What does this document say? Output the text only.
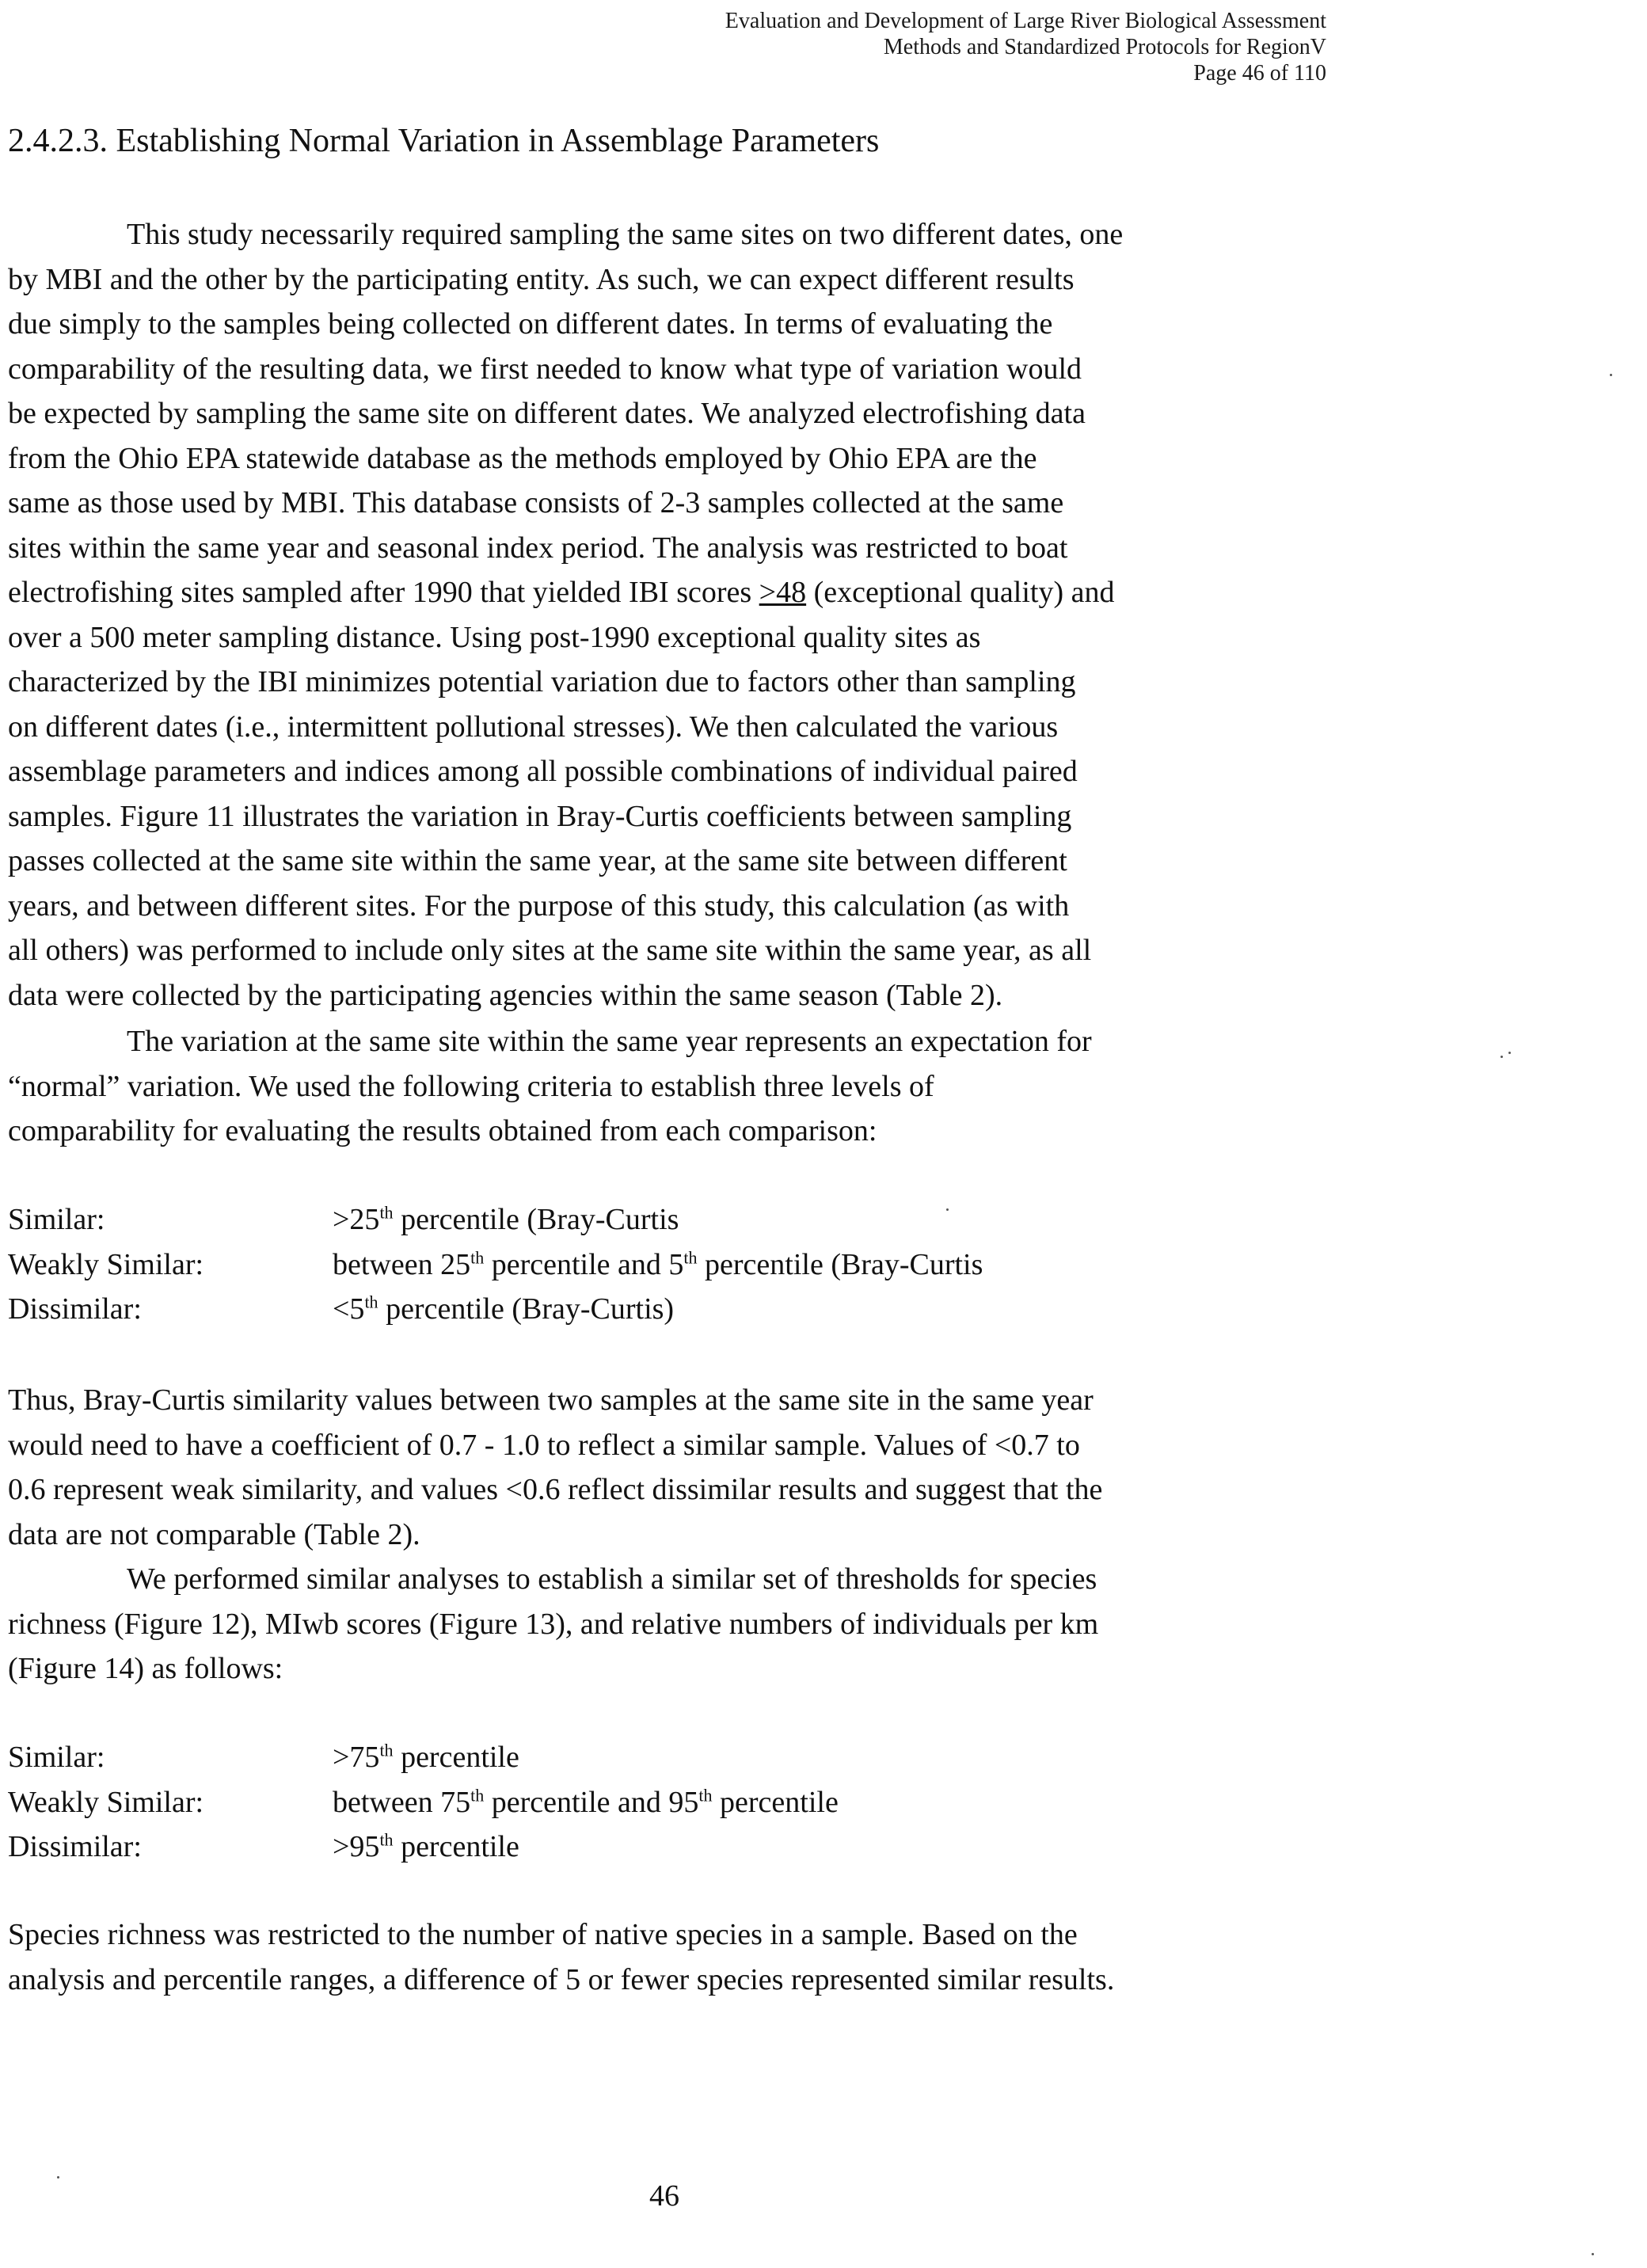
Evaluation and Development of Large River Biological Assessment
Methods and Standardized Protocols for RegionV
Page 46 of 110
2.4.2.3. Establishing Normal Variation in Assemblage Parameters
This study necessarily required sampling the same sites on two different dates, one
by MBI and the other by the participating entity. As such, we can expect different results
due simply to the samples being collected on different dates. In terms of evaluating the
comparability of the resulting data, we first needed to know what type of variation would
be expected by sampling the same site on different dates. We analyzed electrofishing data
from the Ohio EPA statewide database as the methods employed by Ohio EPA are the
same as those used by MBI. This database consists of 2-3 samples collected at the same
sites within the same year and seasonal index period. The analysis was restricted to boat
electrofishing sites sampled after 1990 that yielded IBI scores >48 (exceptional quality) and
over a 500 meter sampling distance. Using post-1990 exceptional quality sites as
characterized by the IBI minimizes potential variation due to factors other than sampling
on different dates (i.e., intermittent pollutional stresses). We then calculated the various
assemblage parameters and indices among all possible combinations of individual paired
samples. Figure 11 illustrates the variation in Bray-Curtis coefficients between sampling
passes collected at the same site within the same year, at the same site between different
years, and between different sites. For the purpose of this study, this calculation (as with
all others) was performed to include only sites at the same site within the same year, as all
data were collected by the participating agencies within the same season (Table 2).
The variation at the same site within the same year represents an expectation for
“normal” variation. We used the following criteria to establish three levels of
comparability for evaluating the results obtained from each comparison:
Similar:	>25th percentile (Bray-Curtis
Weakly Similar:	between 25th percentile and 5th percentile (Bray-Curtis
Dissimilar:	<5th percentile (Bray-Curtis)
Thus, Bray-Curtis similarity values between two samples at the same site in the same year
would need to have a coefficient of 0.7 - 1.0 to reflect a similar sample. Values of <0.7 to
0.6 represent weak similarity, and values <0.6 reflect dissimilar results and suggest that the
data are not comparable (Table 2).
We performed similar analyses to establish a similar set of thresholds for species
richness (Figure 12), MIwb scores (Figure 13), and relative numbers of individuals per km
(Figure 14) as follows:
Similar:	>75th percentile
Weakly Similar:	between 75th percentile and 95th percentile
Dissimilar:	>95th percentile
Species richness was restricted to the number of native species in a sample. Based on the
analysis and percentile ranges, a difference of 5 or fewer species represented similar results.
46
